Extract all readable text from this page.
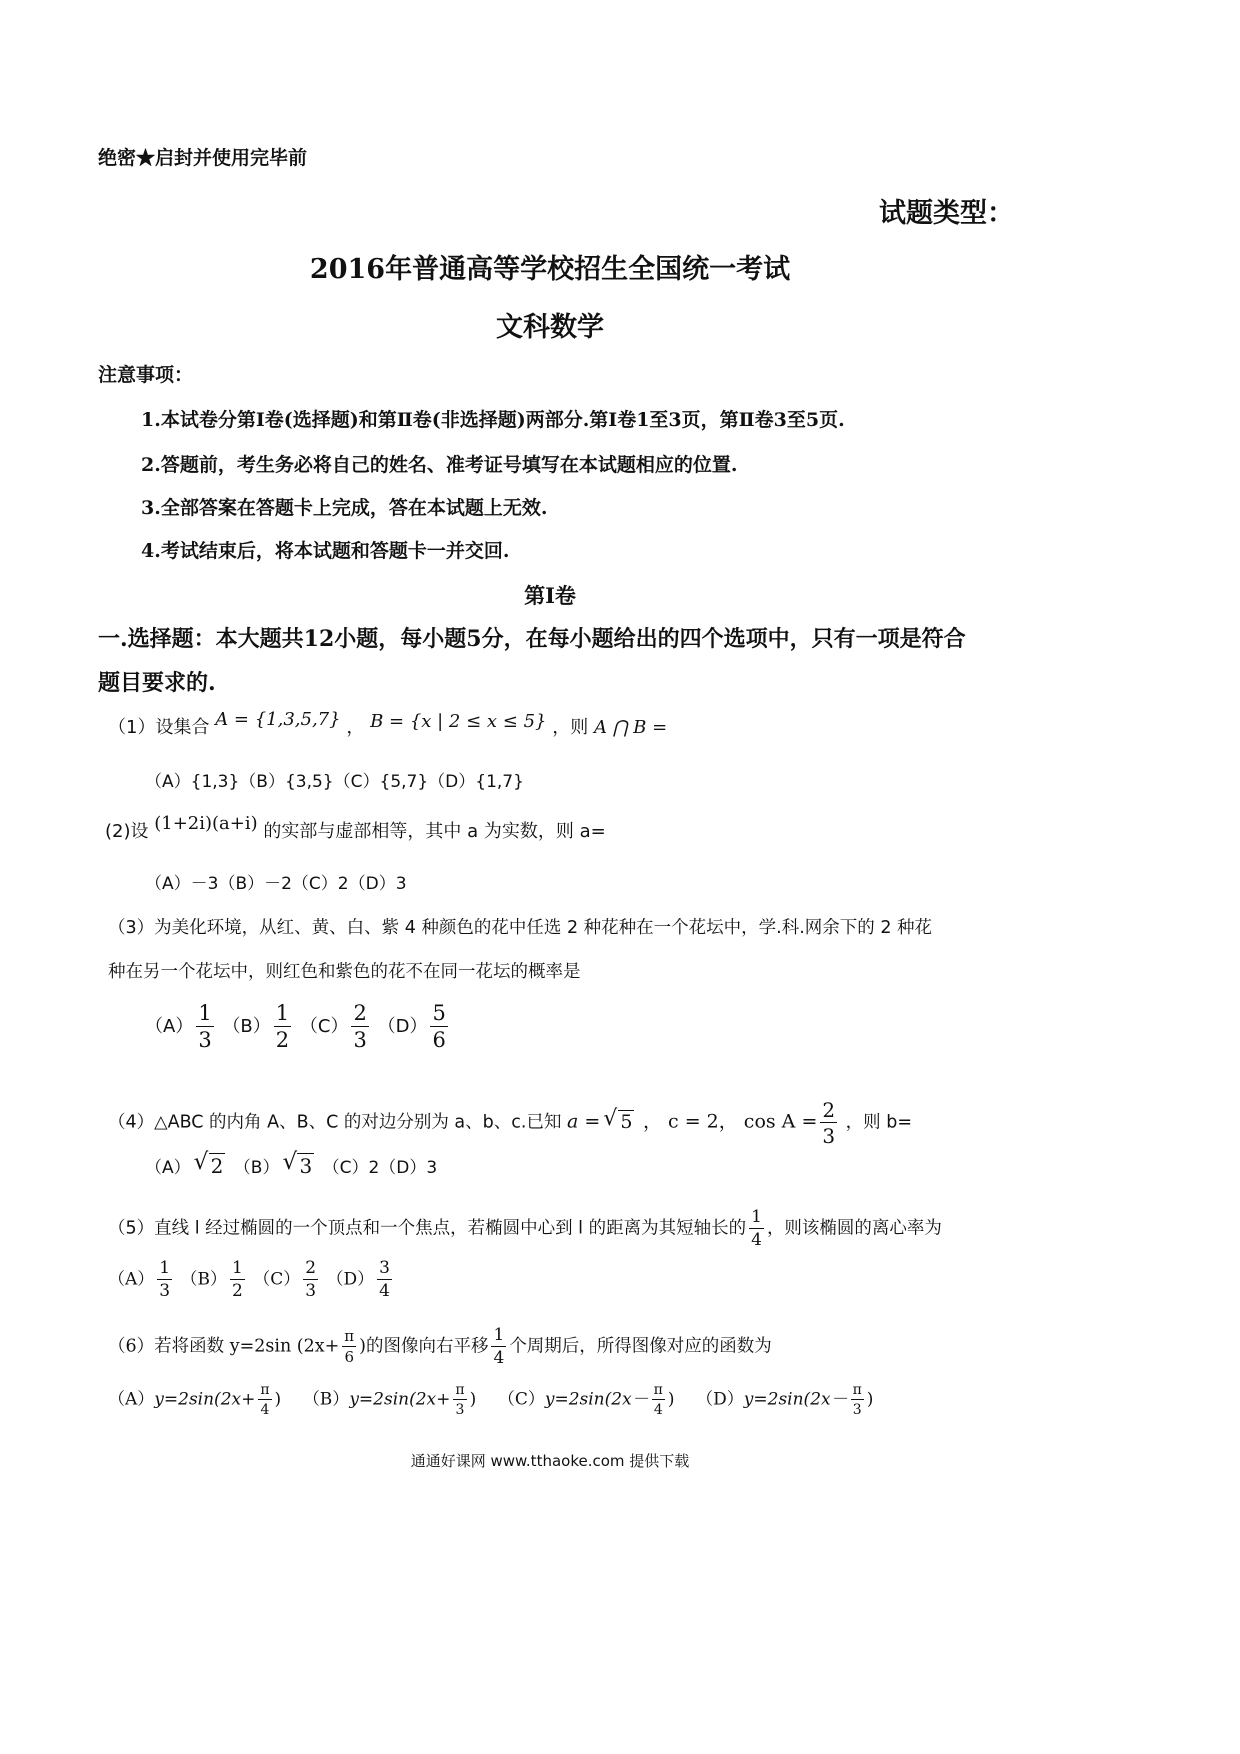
绝密★启封并使用完毕前
试题类型：
2016年普通高等学校招生全国统一考试
文科数学
注意事项：
1.本试卷分第Ⅰ卷(选择题)和第Ⅱ卷(非选择题)两部分.第Ⅰ卷1至3页，第Ⅱ卷3至5页.
2.答题前，考生务必将自己的姓名、准考证号填写在本试题相应的位置.
3.全部答案在答题卡上完成，答在本试题上无效.
4.考试结束后，将本试题和答题卡一并交回.
第Ⅰ卷
一.选择题：本大题共12小题，每小题5分，在每小题给出的四个选项中，只有一项是符合
题目要求的.
（1）设集合 A = {1,3,5,7} ， B = {x | 2 ≤ x ≤ 5} ，则 A ⋂ B =
（A）{1,3}（B）{3,5}（C）{5,7}（D）{1,7}
(2)设 (1+2i)(a+i) 的实部与虚部相等，其中 a 为实数，则 a=
（A）－3（B）－2（C）2（D）3
（3）为美化环境，从红、黄、白、紫 4 种颜色的花中任选 2 种花种在一个花坛中，学.科.网余下的 2 种花
种在另一个花坛中，则红色和紫色的花不在同一花坛的概率是
$(A) \frac{1}{3} (B) \frac{1}{2} (C) \frac{2}{3} (D) \frac{5}{6}$
（4）△ABC 的内角 A、B、C 的对边分别为 a、b、c.已知 a = √ 5 ， c = 2， $\cos A = \frac{2}{3}$ ，则 b=
（A） √ 2 （B） √ 3 （C）2（D）3
（5）直线 l 经过椭圆的一个顶点和一个焦点，若椭圆中心到 l 的距离为其短轴长的 $\frac{1}{4}$ ，则该椭圆的离心率为
$(A) \frac{1}{3} (B) \frac{1}{2} (C) \frac{2}{3} (D) \frac{3}{4}$
（6）若将函数 y=2sin ($2x+ \frac{\pi}{6}$ )的图像向右平移 $\frac{1}{4}$ 个周期后，所得图像对应的函数为
$(A)y=2\sin(2x+ \frac{\pi}{4}$ ) $(B)y=2\sin(2x+ \frac{\pi}{3}$ ) $(C)y=2\sin(2x- \frac{\pi}{4}$ ) $(D)y=2\sin(2x- \frac{\pi}{3}$ )
通通好课网 www.tthaoke.com 提供下载
